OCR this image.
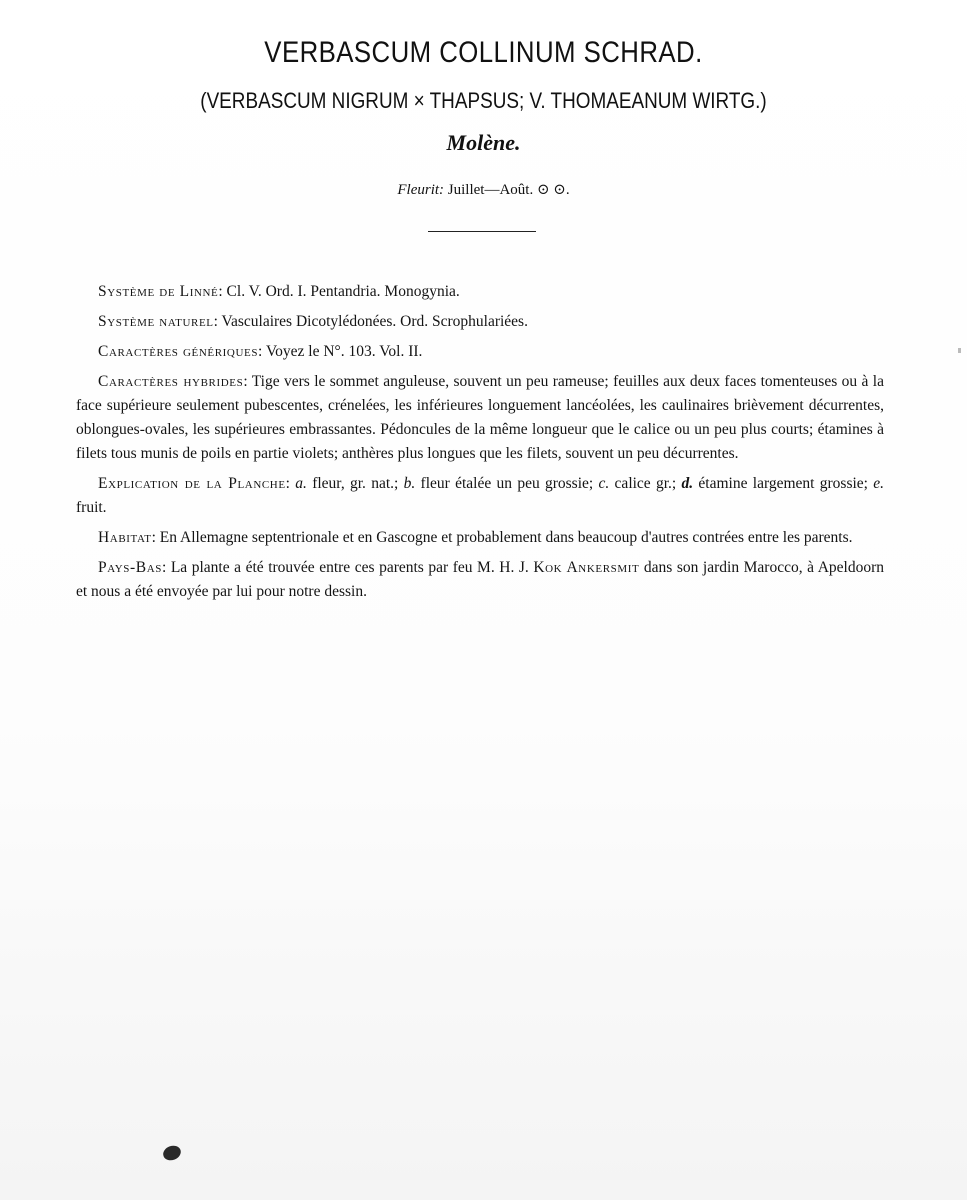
VERBASCUM COLLINUM SCHRAD.
(VERBASCUM NIGRUM × THAPSUS; V. THOMAEANUM WIRTG.)
Molène.
Fleurit: Juillet—Août. ⊙ ⊙.

Système de Linné: Cl. V. Ord. I. Pentandria. Monogynia.

Système naturel: Vasculaires Dicotylédonées. Ord. Scrophulariées.

Caractères génériques: Voyez le N°. 103. Vol. II.

Caractères hybrides: Tige vers le sommet anguleuse, souvent un peu rameuse; feuilles aux deux faces tomenteuses ou à la face supérieure seulement pubescentes, crénelées, les inférieures longuement lancéolées, les caulinaires brièvement décurrentes, oblongues-ovales, les supérieures embrassantes. Pédoncules de la même longueur que le calice ou un peu plus courts; étamines à filets tous munis de poils en partie violets; anthères plus longues que les filets, souvent un peu décurrentes.

Explication de la Planche: a. fleur, gr. nat.; b. fleur étalée un peu grossie; c. calice gr.; d. étamine largement grossie; e. fruit.

Habitat: En Allemagne septentrionale et en Gascogne et probablement dans beaucoup d'autres contrées entre les parents.

Pays-Bas: La plante a été trouvée entre ces parents par feu M. H. J. Kok Ankersmit dans son jardin Marocco, à Apeldoorn et nous a été envoyée par lui pour notre dessin.
